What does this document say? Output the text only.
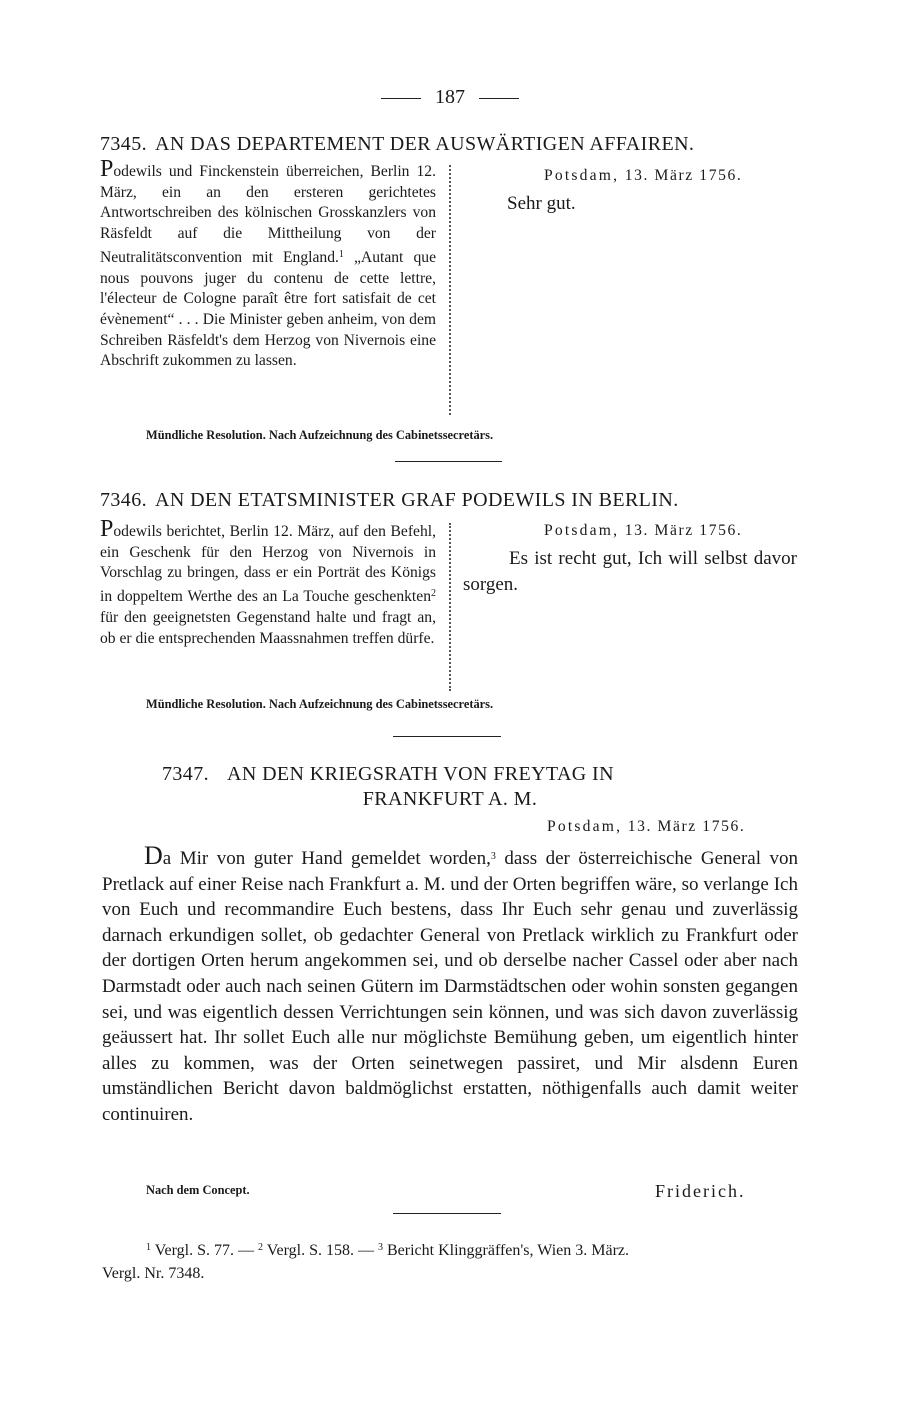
187
7345. AN DAS DEPARTEMENT DER AUSWÄRTIGEN AFFAIREN.
Podewils und Finckenstein überreichen, Berlin 12. März, ein an den ersteren gerichtetes Antwortschreiben des kölnischen Grosskanzlers von Räsfeldt auf die Mittheilung von der Neutralitätsconvention mit England.$^1$ „Autant que nous pouvons juger du contenu de cette lettre, l'électeur de Cologne paraît être fort satisfait de cet évènement“ . . . Die Minister geben anheim, von dem Schreiben Räsfeldt's dem Herzog von Nivernois eine Abschrift zukommen zu lassen.
Potsdam, 13. März 1756.
Sehr gut.
Mündliche Resolution. Nach Aufzeichnung des Cabinetssecretärs.
7346. AN DEN ETATSMINISTER GRAF PODEWILS IN BERLIN.
Podewils berichtet, Berlin 12. März, auf den Befehl, ein Geschenk für den Herzog von Nivernois in Vorschlag zu bringen, dass er ein Porträt des Königs in doppeltem Werthe des an La Touche geschenkten$^2$ für den geeignetsten Gegenstand halte und fragt an, ob er die entsprechenden Maassnahmen treffen dürfe.
Potsdam, 13. März 1756.
Es ist recht gut, Ich will selbst davor sorgen.
Mündliche Resolution. Nach Aufzeichnung des Cabinetssecretärs.
7347. AN DEN KRIEGSRATH VON FREYTAG IN
FRANKFURT A. M.
Potsdam, 13. März 1756.
Da Mir von guter Hand gemeldet worden,$^3$ dass der österreichische General von Pretlack auf einer Reise nach Frankfurt a. M. und der Orten begriffen wäre, so verlange Ich von Euch und recommandire Euch bestens, dass Ihr Euch sehr genau und zuverlässig darnach erkundigen sollet, ob gedachter General von Pretlack wirklich zu Frankfurt oder der dortigen Orten herum angekommen sei, und ob derselbe nacher Cassel oder aber nach Darmstadt oder auch nach seinen Gütern im Darmstädtschen oder wohin sonsten gegangen sei, und was eigentlich dessen Verrichtungen sein können, und was sich davon zuverlässig geäussert hat. Ihr sollet Euch alle nur möglichste Bemühung geben, um eigentlich hinter alles zu kommen, was der Orten seinetwegen passiret, und Mir alsdenn Euren umständlichen Bericht davon baldmöglichst erstatten, nöthigenfalls auch damit weiter continuiren.
Nach dem Concept.	Friderich.
$^1$ Vergl. S. 77. — $^2$ Vergl. S. 158. — $^3$ Bericht Klinggräffen's, Wien 3. März.
Vergl. Nr. 7348.
